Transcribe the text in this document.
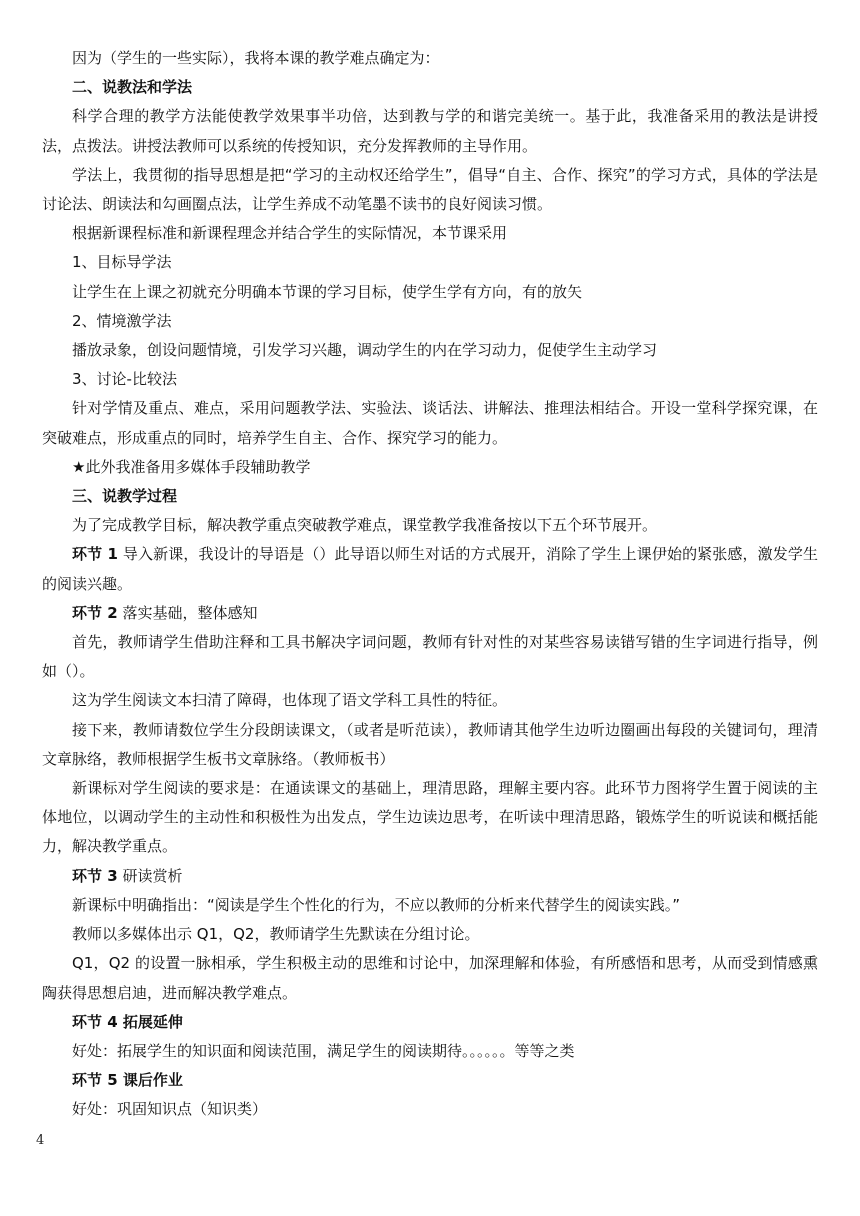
因为（学生的一些实际），我将本课的教学难点确定为：

二、说教法和学法

科学合理的教学方法能使教学效果事半功倍，达到教与学的和谐完美统一。基于此，我准备采用的教法是讲授法，点拨法。讲授法教师可以系统的传授知识，充分发挥教师的主导作用。

学法上，我贯彻的指导思想是把“学习的主动权还给学生”，倡导“自主、合作、探究”的学习方式，具体的学法是讨论法、朗读法和勾画圈点法，让学生养成不动笔墨不读书的良好阅读习惯。

根据新课程标准和新课程理念并结合学生的实际情况，本节课采用

1、目标导学法

让学生在上课之初就充分明确本节课的学习目标，使学生学有方向，有的放矢

2、情境激学法

播放录象，创设问题情境，引发学习兴趣，调动学生的内在学习动力，促使学生主动学习

3、讨论-比较法

针对学情及重点、难点，采用问题教学法、实验法、谈话法、讲解法、推理法相结合。开设一堂科学探究课，在突破难点，形成重点的同时，培养学生自主、合作、探究学习的能力。

★此外我准备用多媒体手段辅助教学

三、说教学过程

为了完成教学目标，解决教学重点突破教学难点，课堂教学我准备按以下五个环节展开。

环节 1 导入新课，我设计的导语是（）此导语以师生对话的方式展开，消除了学生上课伊始的紧张感，激发学生的阅读兴趣。

环节 2 落实基础，整体感知

首先，教师请学生借助注释和工具书解决字词问题，教师有针对性的对某些容易读错写错的生字词进行指导，例如（）。

这为学生阅读文本扫清了障碍，也体现了语文学科工具性的特征。

接下来，教师请数位学生分段朗读课文，（或者是听范读），教师请其他学生边听边圈画出每段的关键词句，理清文章脉络，教师根据学生板书文章脉络。（教师板书）

新课标对学生阅读的要求是：在通读课文的基础上，理清思路，理解主要内容。此环节力图将学生置于阅读的主体地位，以调动学生的主动性和积极性为出发点，学生边读边思考，在听读中理清思路，锻炼学生的听说读和概括能力，解决教学重点。

环节 3 研读赏析

新课标中明确指出：“阅读是学生个性化的行为，不应以教师的分析来代替学生的阅读实践。”

教师以多媒体出示 Q1，Q2，教师请学生先默读在分组讨论。

Q1，Q2 的设置一脉相承，学生积极主动的思维和讨论中，加深理解和体验，有所感悟和思考，从而受到情感熏陶获得思想启迪，进而解决教学难点。

环节 4 拓展延伸

好处：拓展学生的知识面和阅读范围，满足学生的阅读期待。。。。。。等等之类

环节 5 课后作业

好处：巩固知识点（知识类）

4
